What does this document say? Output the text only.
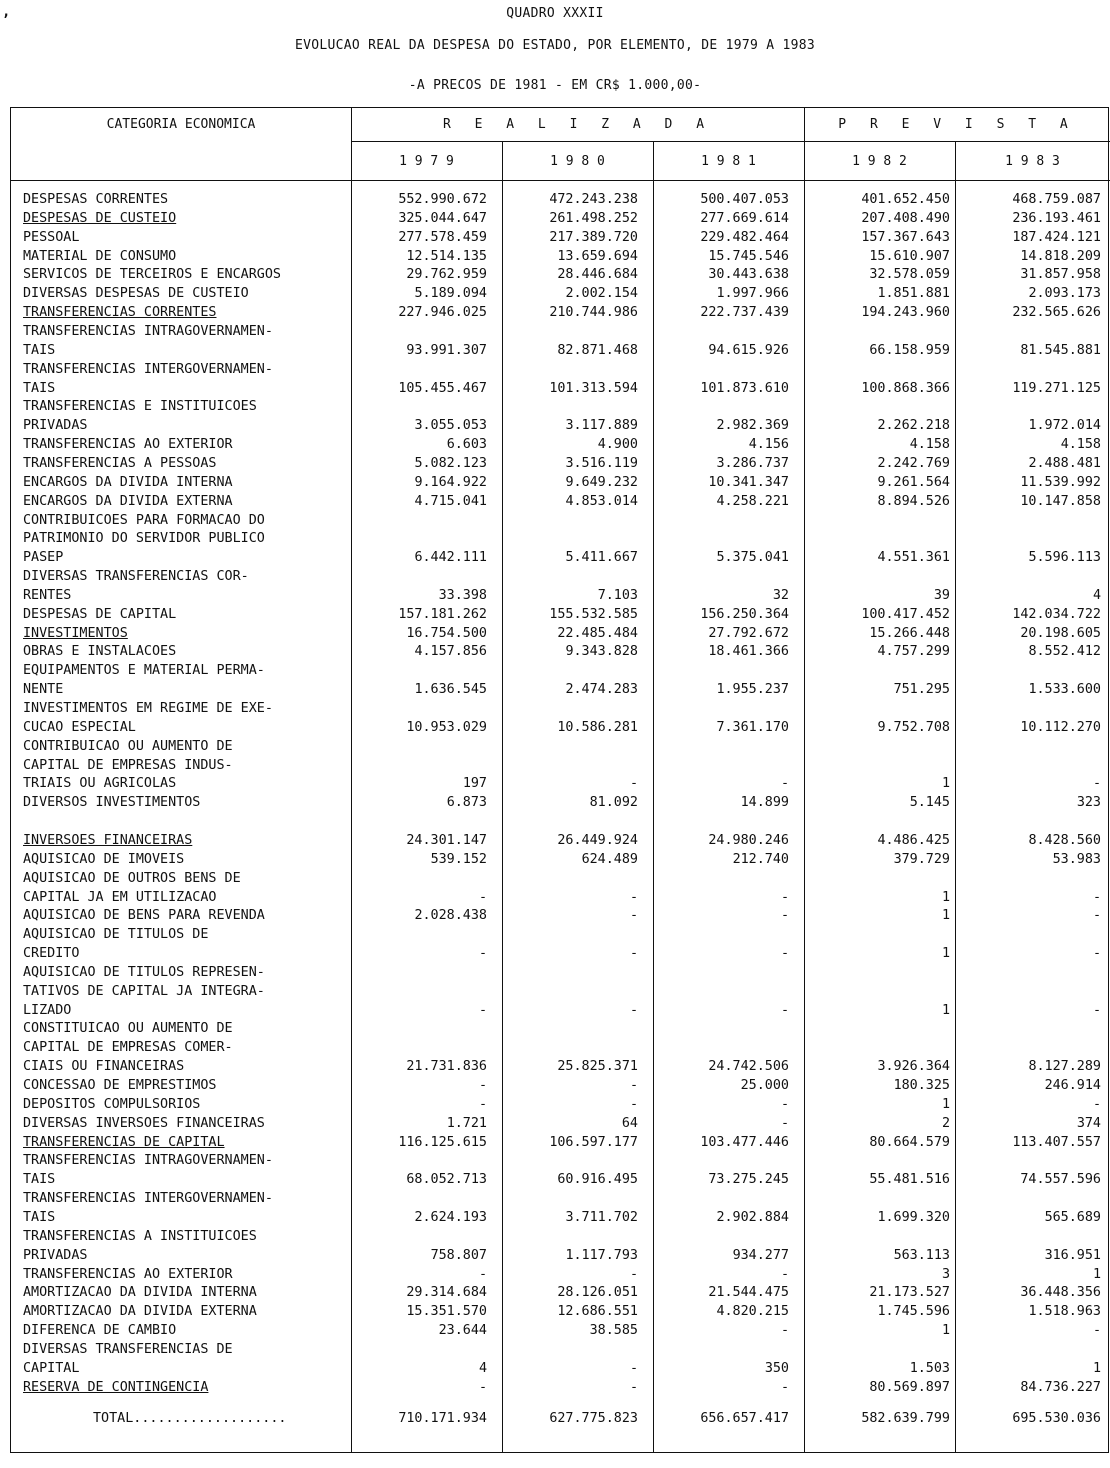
,	QUADRO XXXII
EVOLUCAO REAL DA DESPESA DO ESTADO, POR ELEMENTO, DE 1979 A 1983
-A PRECOS DE 1981 - EM CR$ 1.000,00-
CATEGORIA ECONOMICA	R E A L I Z A D A	P R E V I S T A
1 9 7 9	1 9 8 0	1 9 8 1	1 9 8 2	1 9 8 3
DESPESAS CORRENTES	552.990.672	472.243.238	500.407.053	401.652.450	468.759.087
DESPESAS DE CUSTEIO	325.044.647	261.498.252	277.669.614	207.408.490	236.193.461
PESSOAL	277.578.459	217.389.720	229.482.464	157.367.643	187.424.121
MATERIAL DE CONSUMO	12.514.135	13.659.694	15.745.546	15.610.907	14.818.209
SERVICOS DE TERCEIROS E ENCARGOS	29.762.959	28.446.684	30.443.638	32.578.059	31.857.958
DIVERSAS DESPESAS DE CUSTEIO	5.189.094	2.002.154	1.997.966	1.851.881	2.093.173
TRANSFERENCIAS CORRENTES	227.946.025	210.744.986	222.737.439	194.243.960	232.565.626
TRANSFERENCIAS INTRAGOVERNAMEN-
TAIS	93.991.307	82.871.468	94.615.926	66.158.959	81.545.881
TRANSFERENCIAS INTERGOVERNAMEN-
TAIS	105.455.467	101.313.594	101.873.610	100.868.366	119.271.125
TRANSFERENCIAS E INSTITUICOES
PRIVADAS	3.055.053	3.117.889	2.982.369	2.262.218	1.972.014
TRANSFERENCIAS AO EXTERIOR	6.603	4.900	4.156	4.158	4.158
TRANSFERENCIAS A PESSOAS	5.082.123	3.516.119	3.286.737	2.242.769	2.488.481
ENCARGOS DA DIVIDA INTERNA	9.164.922	9.649.232	10.341.347	9.261.564	11.539.992
ENCARGOS DA DIVIDA EXTERNA	4.715.041	4.853.014	4.258.221	8.894.526	10.147.858
CONTRIBUICOES PARA FORMACAO DO
PATRIMONIO DO SERVIDOR PUBLICO
PASEP	6.442.111	5.411.667	5.375.041	4.551.361	5.596.113
DIVERSAS TRANSFERENCIAS COR-
RENTES	33.398	7.103	32	39	4
DESPESAS DE CAPITAL	157.181.262	155.532.585	156.250.364	100.417.452	142.034.722
INVESTIMENTOS	16.754.500	22.485.484	27.792.672	15.266.448	20.198.605
OBRAS E INSTALACOES	4.157.856	9.343.828	18.461.366	4.757.299	8.552.412
EQUIPAMENTOS E MATERIAL PERMA-
NENTE	1.636.545	2.474.283	1.955.237	751.295	1.533.600
INVESTIMENTOS EM REGIME DE EXE-
CUCAO ESPECIAL	10.953.029	10.586.281	7.361.170	9.752.708	10.112.270
CONTRIBUICAO OU AUMENTO DE
CAPITAL DE EMPRESAS INDUS-
TRIAIS OU AGRICOLAS	197	-	-	1	-
DIVERSOS INVESTIMENTOS	6.873	81.092	14.899	5.145	323
INVERSOES FINANCEIRAS	24.301.147	26.449.924	24.980.246	4.486.425	8.428.560
AQUISICAO DE IMOVEIS	539.152	624.489	212.740	379.729	53.983
AQUISICAO DE OUTROS BENS DE
CAPITAL JA EM UTILIZACAO	-	-	-	1	-
AQUISICAO DE BENS PARA REVENDA	2.028.438	-	-	1	-
AQUISICAO DE TITULOS DE
CREDITO	-	-	-	1	-
AQUISICAO DE TITULOS REPRESEN-
TATIVOS DE CAPITAL JA INTEGRA-
LIZADO	-	-	-	1	-
CONSTITUICAO OU AUMENTO DE
CAPITAL DE EMPRESAS COMER-
CIAIS OU FINANCEIRAS	21.731.836	25.825.371	24.742.506	3.926.364	8.127.289
CONCESSAO DE EMPRESTIMOS	-	-	25.000	180.325	246.914
DEPOSITOS COMPULSORIOS	-	-	-	1	-
DIVERSAS INVERSOES FINANCEIRAS	1.721	64	-	2	374
TRANSFERENCIAS DE CAPITAL	116.125.615	106.597.177	103.477.446	80.664.579	113.407.557
TRANSFERENCIAS INTRAGOVERNAMEN-
TAIS	68.052.713	60.916.495	73.275.245	55.481.516	74.557.596
TRANSFERENCIAS INTERGOVERNAMEN-
TAIS	2.624.193	3.711.702	2.902.884	1.699.320	565.689
TRANSFERENCIAS A INSTITUICOES
PRIVADAS	758.807	1.117.793	934.277	563.113	316.951
TRANSFERENCIAS AO EXTERIOR	-	-	-	3	1
AMORTIZACAO DA DIVIDA INTERNA	29.314.684	28.126.051	21.544.475	21.173.527	36.448.356
AMORTIZACAO DA DIVIDA EXTERNA	15.351.570	12.686.551	4.820.215	1.745.596	1.518.963
DIFERENCA DE CAMBIO	23.644	38.585	-	1	-
DIVERSAS TRANSFERENCIAS DE
CAPITAL	4	-	350	1.503	1
RESERVA DE CONTINGENCIA	-	-	-	80.569.897	84.736.227
TOTAL...................	710.171.934	627.775.823	656.657.417	582.639.799	695.530.036
